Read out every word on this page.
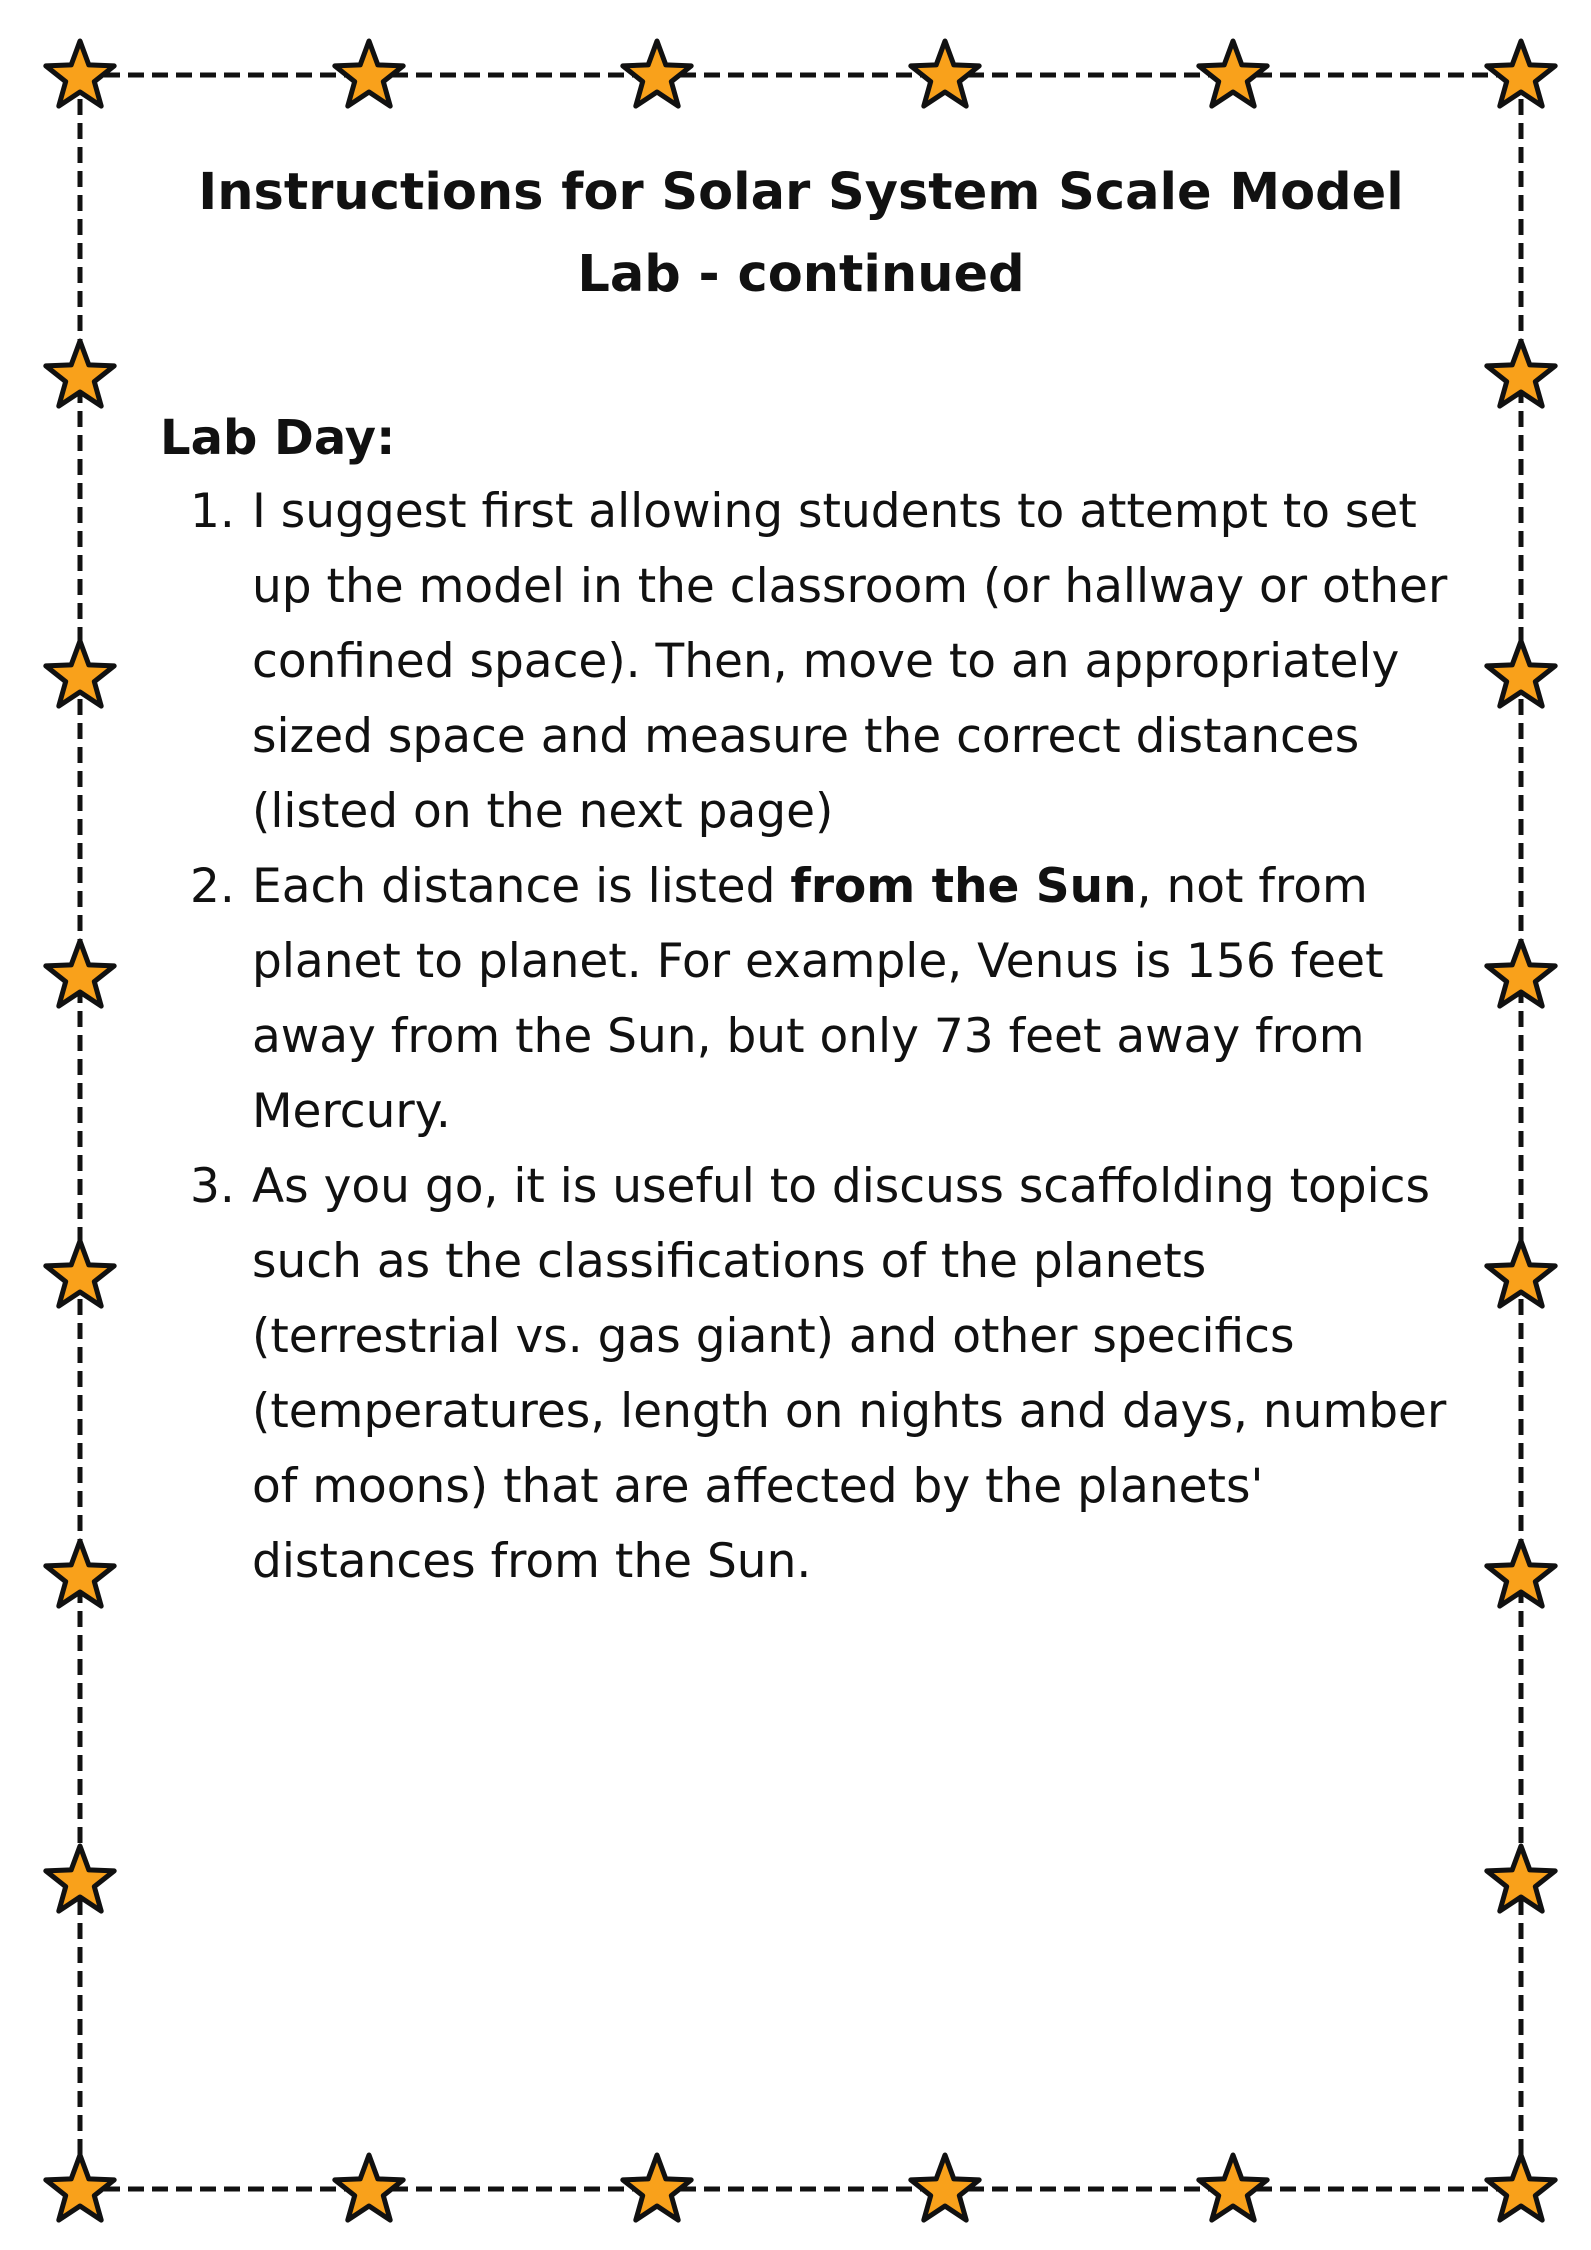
Instructions for Solar System Scale Model
Lab - continued
Lab Day:
1. I suggest first allowing students to attempt to set up the model in the classroom (or hallway or other confined space). Then, move to an appropriately sized space and measure the correct distances (listed on the next page)
2. Each distance is listed from the Sun, not from planet to planet. For example, Venus is 156 feet away from the Sun, but only 73 feet away from Mercury.
3. As you go, it is useful to discuss scaffolding topics such as the classifications of the planets (terrestrial vs. gas giant) and other specifics (temperatures, length on nights and days, number of moons) that are affected by the planets' distances from the Sun.
